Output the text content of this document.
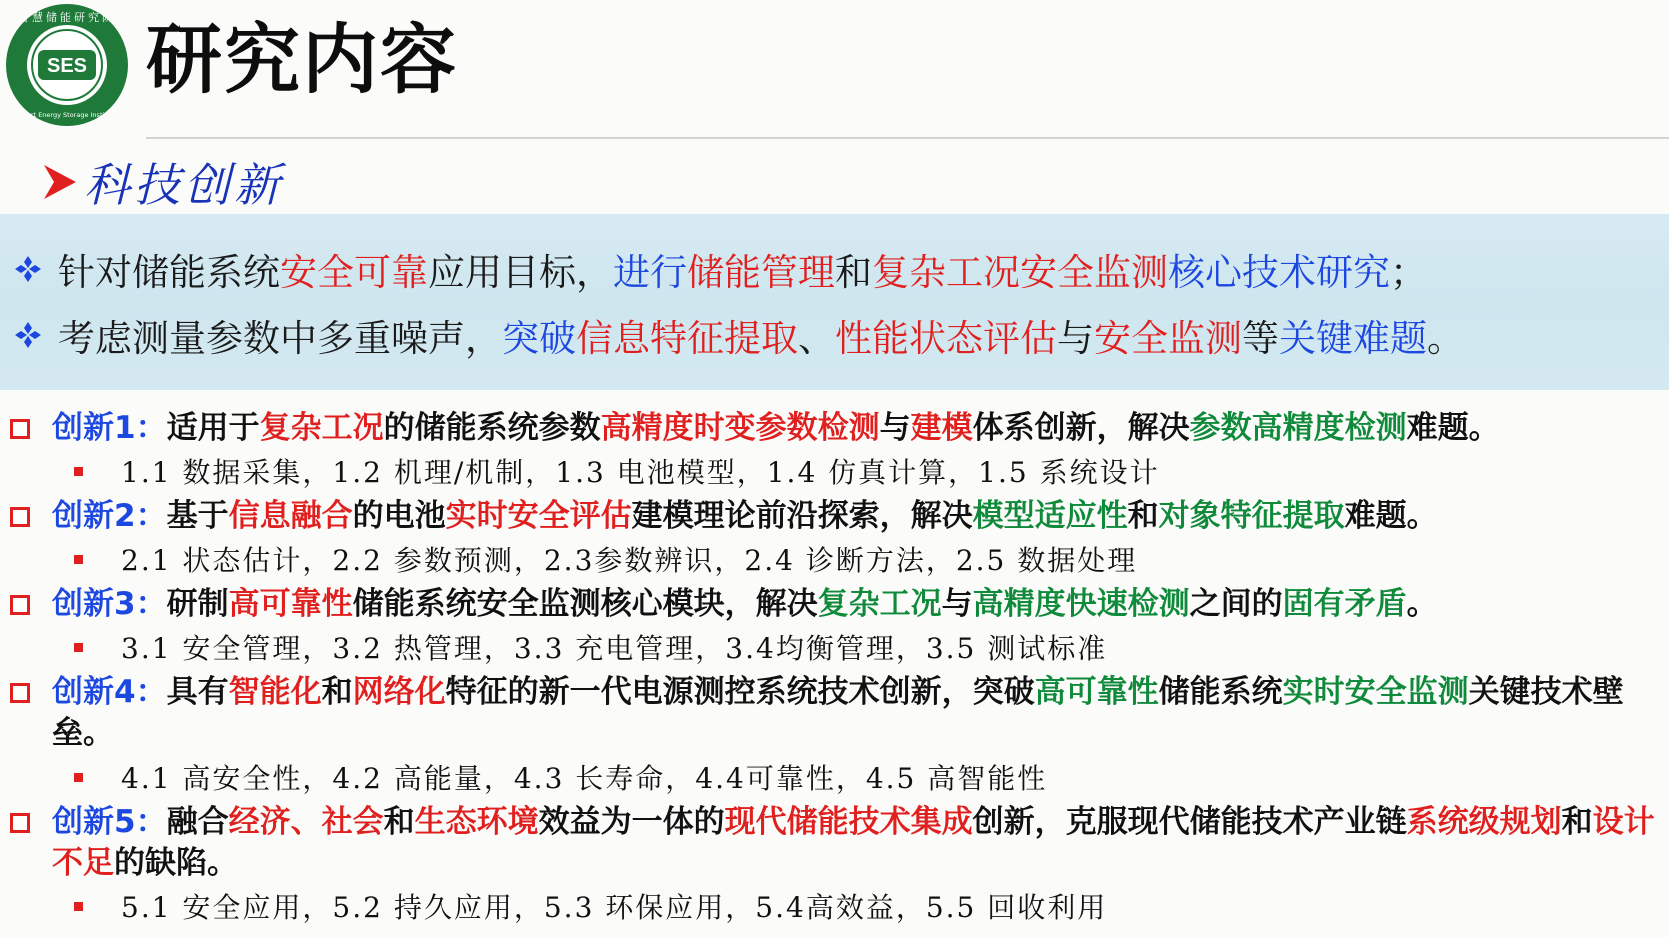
SES
智慧储能研究院
Smart Energy Storage Institute
研究内容
科技创新
针对储能系统 安全可靠 应用目标， 进行 储能管理 和 复杂工况安全监测 核心技术研究 ；
考虑测量参数中多重噪声， 突破 信息特征提取 、 性能状态评估 与 安全监测 等 关键难题 。
创新1：适用于复杂工况的储能系统参数高精度时变参数检测与建模体系创新，解决参数高精度检测难题。
1.1 数据采集，1.2 机理/机制，1.3 电池模型，1.4 仿真计算，1.5 系统设计
创新2：基于信息融合的电池实时安全评估建模理论前沿探索，解决模型适应性和对象特征提取难题。
2.1 状态估计，2.2 参数预测，2.3参数辨识，2.4 诊断方法，2.5 数据处理
创新3：研制高可靠性储能系统安全监测核心模块，解决复杂工况与高精度快速检测之间的固有矛盾。
3.1 安全管理，3.2 热管理，3.3 充电管理，3.4均衡管理，3.5 测试标准
创新4：具有智能化和网络化特征的新一代电源测控系统技术创新，突破高可靠性储能系统实时安全监测关键技术壁垒。
4.1 高安全性，4.2 高能量，4.3 长寿命，4.4可靠性，4.5 高智能性
创新5：融合经济、社会和生态环境效益为一体的现代储能技术集成创新，克服现代储能技术产业链系统级规划和设计不足的缺陷。
5.1 安全应用，5.2 持久应用，5.3 环保应用，5.4高效益，5.5 回收利用
